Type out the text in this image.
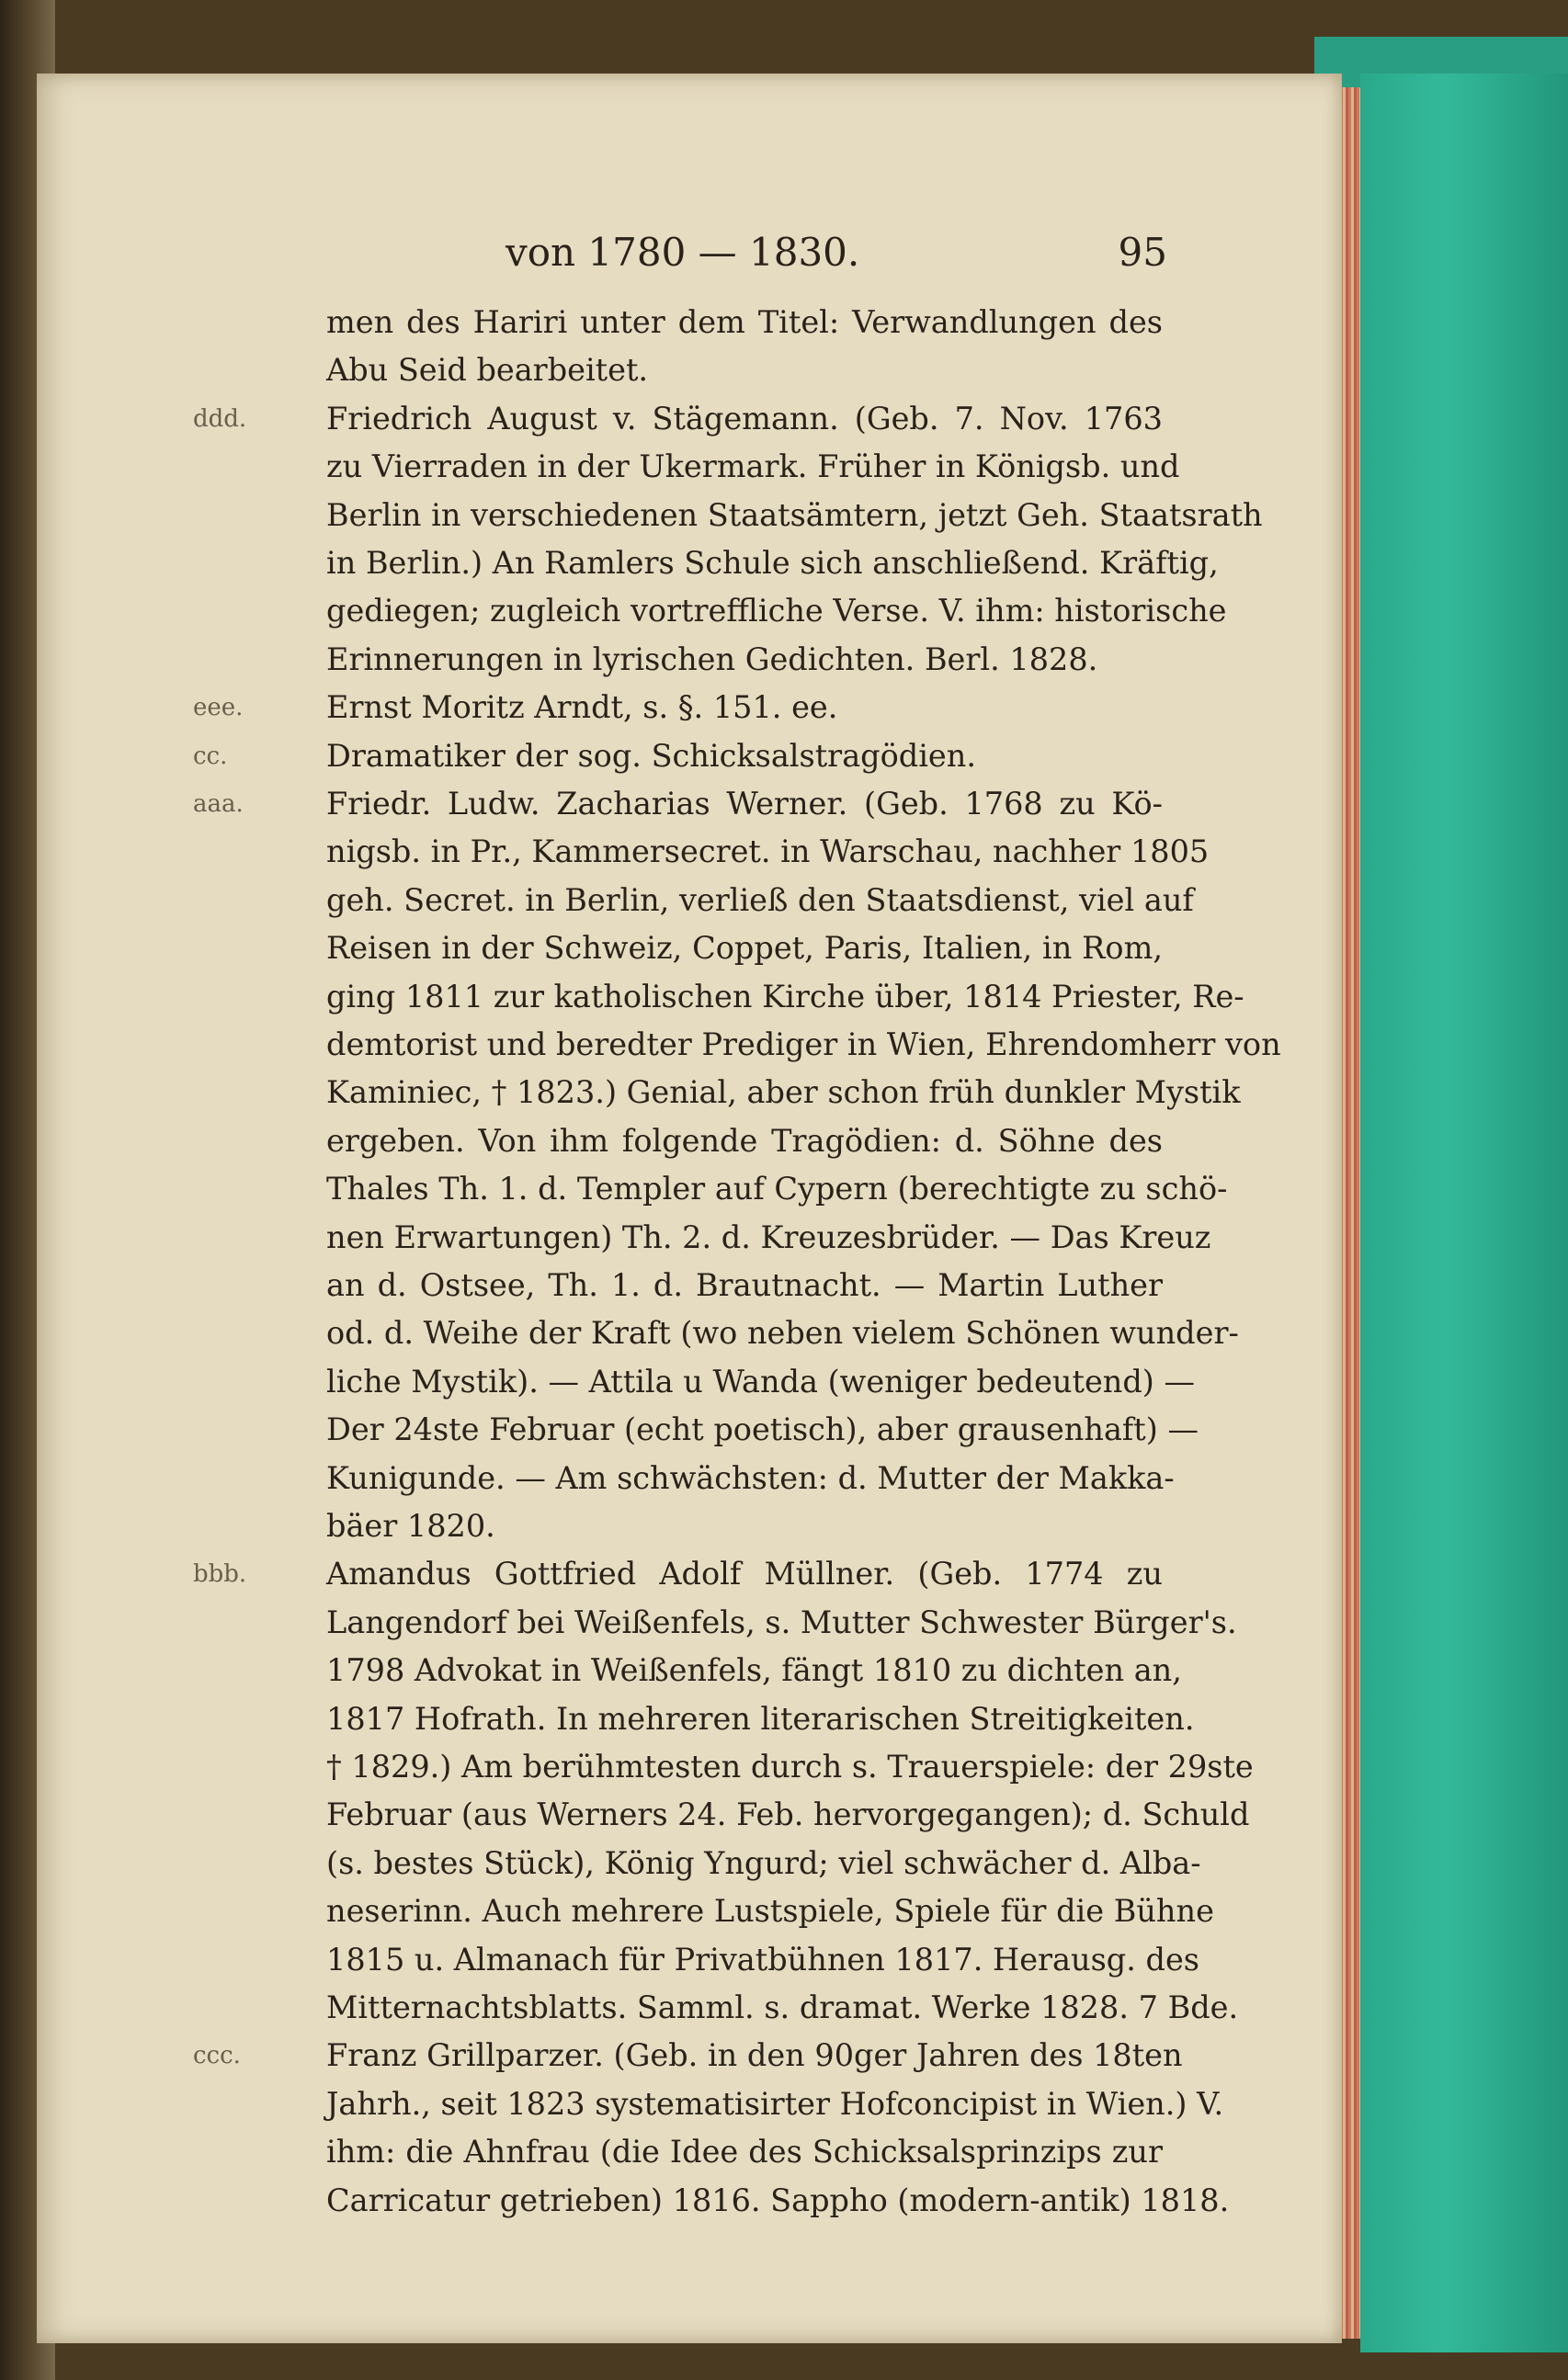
von 1780 — 1830.	95
men des Hariri unter dem Titel: Verwandlungen des
Abu Seid bearbeitet.
ddd.	Friedrich August v. Stägemann. (Geb. 7. Nov. 1763
zu Vierraden in der Ukermark. Früher in Königsb. und
Berlin in verschiedenen Staatsämtern, jetzt Geh. Staatsrath
in Berlin.) An Ramlers Schule sich anschließend. Kräftig,
gediegen; zugleich vortreffliche Verse. V. ihm: historische
Erinnerungen in lyrischen Gedichten. Berl. 1828.
eee.	Ernst Moritz Arndt, s. §. 151. ee.
cc.	Dramatiker der sog. Schicksalstragödien.
aaa.	Friedr. Ludw. Zacharias Werner. (Geb. 1768 zu Kö-
nigsb. in Pr., Kammersecret. in Warschau, nachher 1805
geh. Secret. in Berlin, verließ den Staatsdienst, viel auf
Reisen in der Schweiz, Coppet, Paris, Italien, in Rom,
ging 1811 zur katholischen Kirche über, 1814 Priester, Re-
demtorist und beredter Prediger in Wien, Ehrendomherr von
Kaminiec, † 1823.) Genial, aber schon früh dunkler Mystik
ergeben. Von ihm folgende Tragödien: d. Söhne des
Thales Th. 1. d. Templer auf Cypern (berechtigte zu schö-
nen Erwartungen) Th. 2. d. Kreuzesbrüder. — Das Kreuz
an d. Ostsee, Th. 1. d. Brautnacht. — Martin Luther
od. d. Weihe der Kraft (wo neben vielem Schönen wunder-
liche Mystik). — Attila u Wanda (weniger bedeutend) —
Der 24ste Februar (echt poetisch), aber grausenhaft) —
Kunigunde. — Am schwächsten: d. Mutter der Makka-
bäer 1820.
bbb.	Amandus Gottfried Adolf Müllner. (Geb. 1774 zu
Langendorf bei Weißenfels, s. Mutter Schwester Bürger's.
1798 Advokat in Weißenfels, fängt 1810 zu dichten an,
1817 Hofrath. In mehreren literarischen Streitigkeiten.
† 1829.) Am berühmtesten durch s. Trauerspiele: der 29ste
Februar (aus Werners 24. Feb. hervorgegangen); d. Schuld
(s. bestes Stück), König Yngurd; viel schwächer d. Alba-
neserinn. Auch mehrere Lustspiele, Spiele für die Bühne
1815 u. Almanach für Privatbühnen 1817. Herausg. des
Mitternachtsblatts. Samml. s. dramat. Werke 1828. 7 Bde.
ccc.	Franz Grillparzer. (Geb. in den 90ger Jahren des 18ten
Jahrh., seit 1823 systematisirter Hofconcipist in Wien.) V.
ihm: die Ahnfrau (die Idee des Schicksalsprinzips zur
Carricatur getrieben) 1816. Sappho (modern-antik) 1818.
